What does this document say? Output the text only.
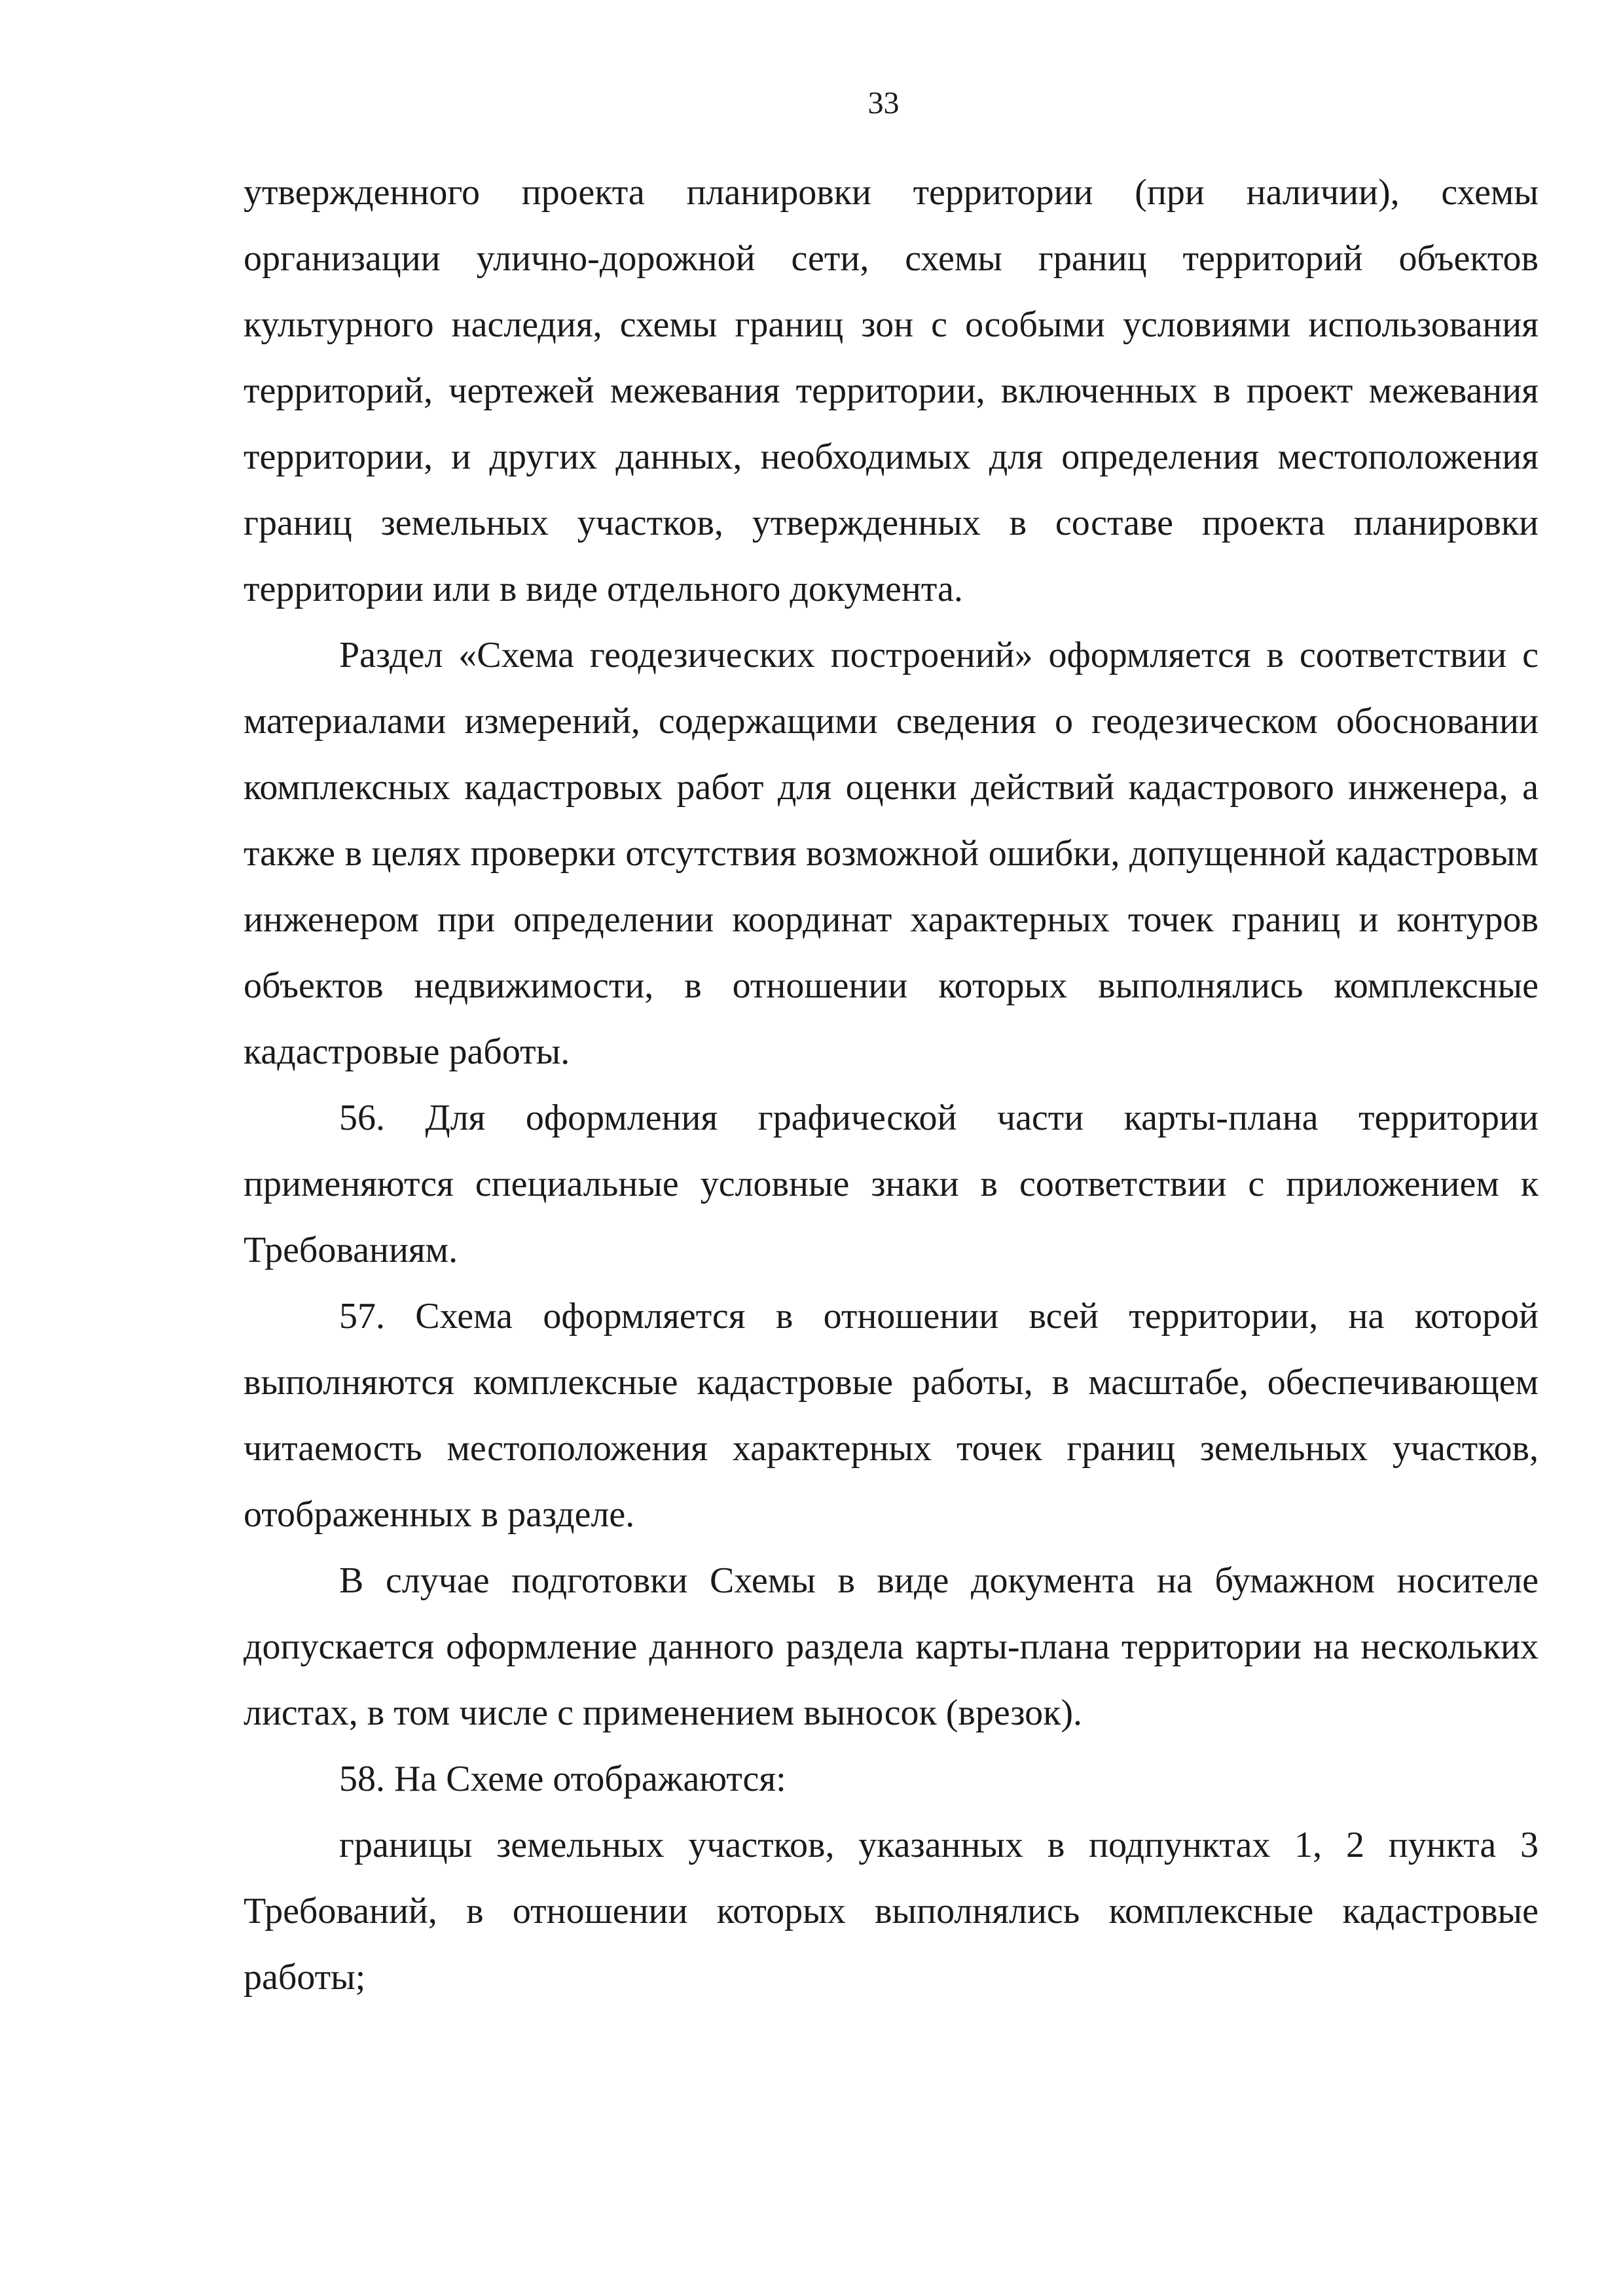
33

утвержденного проекта планировки территории (при наличии), схемы организации улично-дорожной сети, схемы границ территорий объектов культурного наследия, схемы границ зон с особыми условиями использования территорий, чертежей межевания территории, включенных в проект межевания территории, и других данных, необходимых для определения местоположения границ земельных участков, утвержденных в составе проекта планировки территории или в виде отдельного документа.

Раздел «Схема геодезических построений» оформляется в соответствии с материалами измерений, содержащими сведения о геодезическом обосновании комплексных кадастровых работ для оценки действий кадастрового инженера, а также в целях проверки отсутствия возможной ошибки, допущенной кадастровым инженером при определении координат характерных точек границ и контуров объектов недвижимости, в отношении которых выполнялись комплексные кадастровые работы.

56. Для оформления графической части карты-плана территории применяются специальные условные знаки в соответствии с приложением к Требованиям.

57. Схема оформляется в отношении всей территории, на которой выполняются комплексные кадастровые работы, в масштабе, обеспечивающем читаемость местоположения характерных точек границ земельных участков, отображенных в разделе.

В случае подготовки Схемы в виде документа на бумажном носителе допускается оформление данного раздела карты-плана территории на нескольких листах, в том числе с применением выносок (врезок).

58. На Схеме отображаются:

границы земельных участков, указанных в подпунктах 1, 2 пункта 3 Требований, в отношении которых выполнялись комплексные кадастровые работы;
